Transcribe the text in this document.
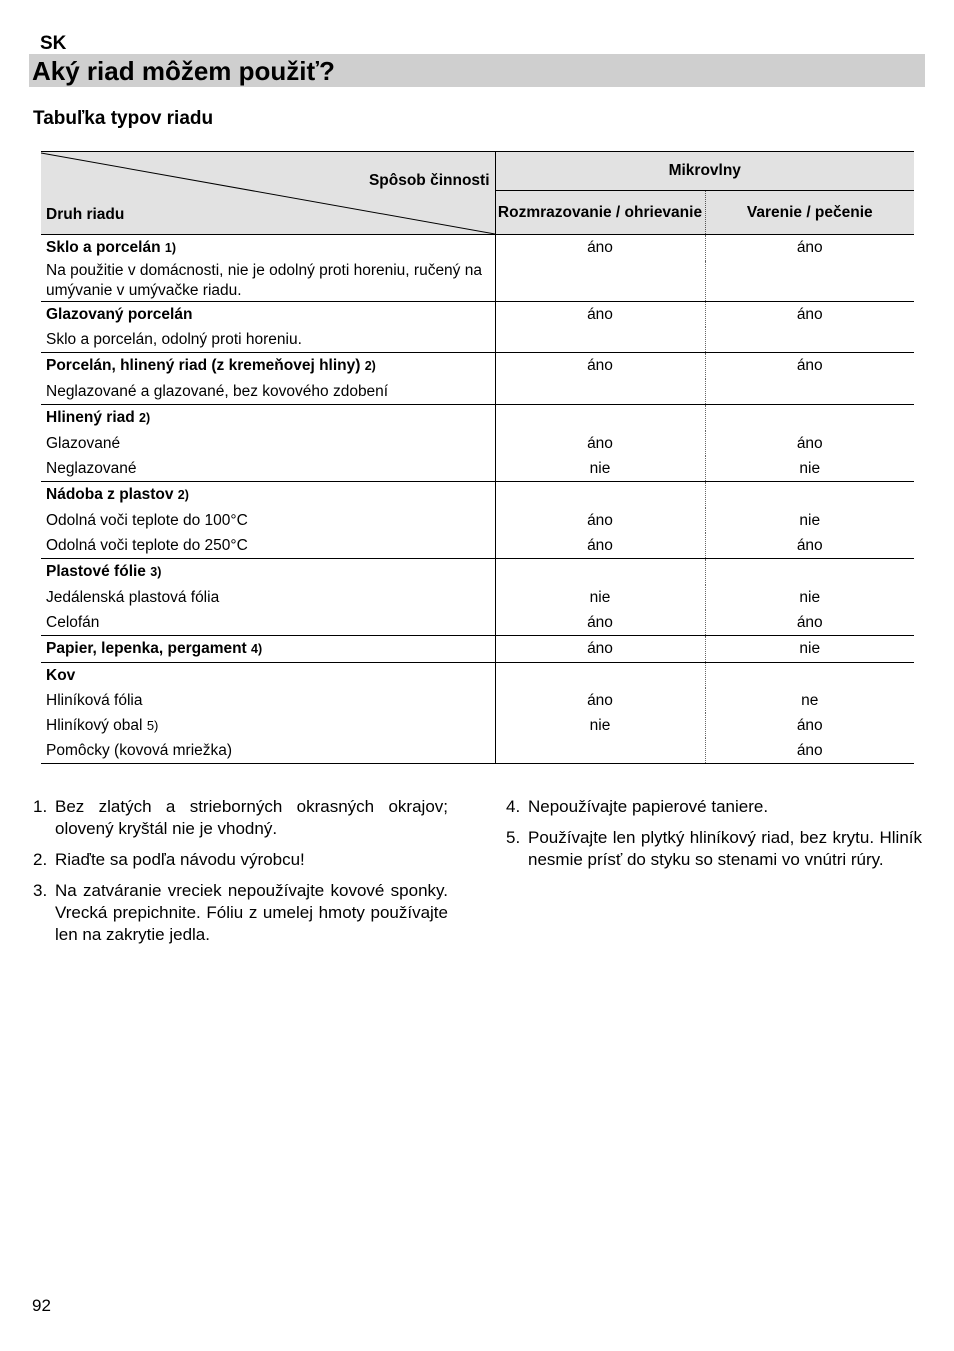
SK
Aký riad môžem použiť?
Tabuľka typov riadu
Spôsob činnosti
Druh riadu	Mikrovlny	
	Rozmrazovanie / ohrievanie	Varenie / pečenie
Sklo a porcelán 1)	áno	áno
Na použitie v domácnosti, nie je odolný proti horeniu, ručený na umývanie v umývačke riadu.		
Glazovaný porcelán	áno	áno
Sklo a porcelán, odolný proti horeniu.		
Porcelán, hlinený riad (z kremeňovej hliny) 2)	áno	áno
Neglazované a glazované, bez kovového zdobení		
Hlinený riad 2)		
Glazované	áno	áno
Neglazované	nie	nie
Nádoba z plastov 2)		
Odolná voči teplote do 100°C	áno	nie
Odolná voči teplote do 250°C	áno	áno
Plastové fólie 3)		
Jedálenská plastová fólia	nie	nie
Celofán	áno	áno
Papier, lepenka, pergament 4)	áno	nie
Kov		
Hliníková fólia	áno	ne
Hliníkový obal 5)	nie	áno
Pomôcky (kovová mriežka)		áno
1. Bez zlatých a strieborných okrasných okrajov; olovený kryštál nie je vhodný.
2. Riaďte sa podľa návodu výrobcu!
3. Na zatváranie vreciek nepoužívajte kovové sponky. Vrecká prepichnite. Fóliu z umelej hmoty používajte len na zakrytie jedla.
4. Nepoužívajte papierové taniere.
5. Používajte len plytký hliníkový riad, bez krytu. Hliník nesmie prísť do styku so stenami vo vnútri rúry.
92
